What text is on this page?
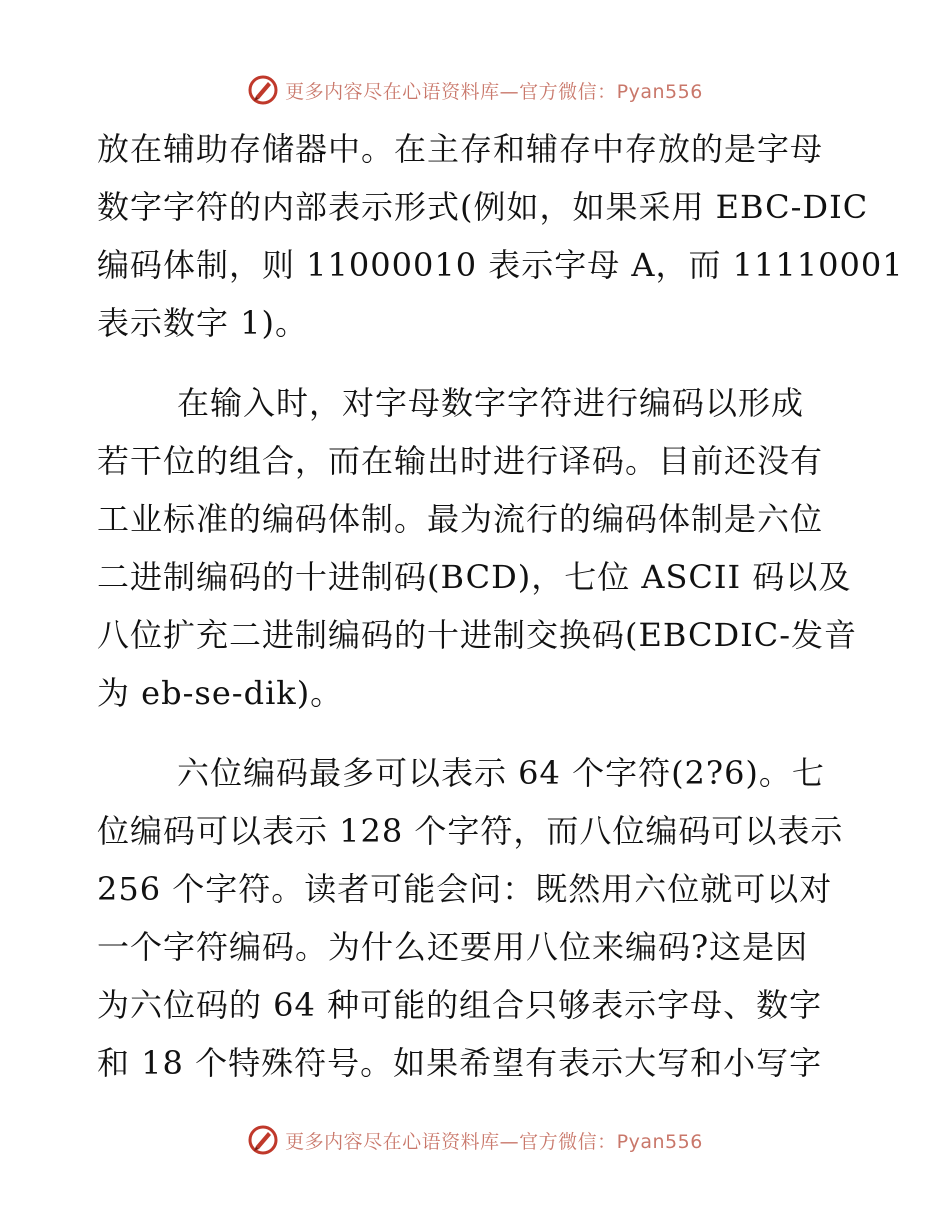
更多内容尽在心语资料库—官方微信：Pyan556
放在辅助存储器中。在主存和辅存中存放的是字母
数字字符的内部表示形式(例如，如果采用 EBC-DIC
编码体制，则 11000010 表示字母 A，而 11110001
表示数字 1)。
在输入时，对字母数字字符进行编码以形成
若干位的组合，而在输出时进行译码。目前还没有
工业标准的编码体制。最为流行的编码体制是六位
二进制编码的十进制码(BCD)，七位 ASCII 码以及
八位扩充二进制编码的十进制交换码(EBCDIC-发音
为 eb-se-dik)。
六位编码最多可以表示 64 个字符(2?6)。七
位编码可以表示 128 个字符，而八位编码可以表示
256 个字符。读者可能会问：既然用六位就可以对
一个字符编码。为什么还要用八位来编码?这是因
为六位码的 64 种可能的组合只够表示字母、数字
和 18 个特殊符号。如果希望有表示大写和小写字
更多内容尽在心语资料库—官方微信：Pyan556
